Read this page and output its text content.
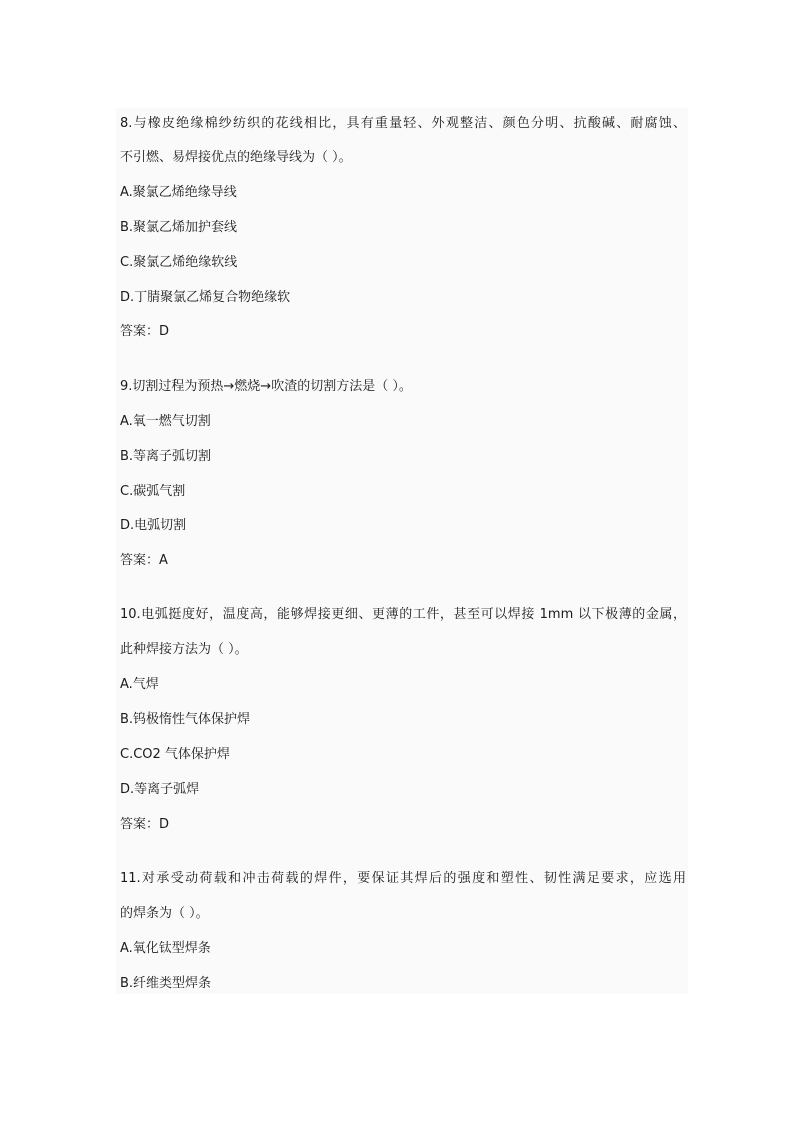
8.与橡皮绝缘棉纱纺织的花线相比，具有重量轻、外观整洁、颜色分明、抗酸碱、耐腐蚀、
不引燃、易焊接优点的绝缘导线为（ ）。
A.聚氯乙烯绝缘导线
B.聚氯乙烯加护套线
C.聚氯乙烯绝缘软线
D.丁腈聚氯乙烯复合物绝缘软
答案：D
9.切割过程为预热→燃烧→吹渣的切割方法是（ ）。
A.氧一燃气切割
B.等离子弧切割
C.碳弧气割
D.电弧切割
答案：A
10.电弧挺度好，温度高，能够焊接更细、更薄的工件，甚至可以焊接 1mm 以下极薄的金属，
此种焊接方法为（ ）。
A.气焊
B.钨极惰性气体保护焊
C.CO2 气体保护焊
D.等离子弧焊
答案：D
11.对承受动荷载和冲击荷载的焊件，要保证其焊后的强度和塑性、韧性满足要求，应选用
的焊条为（ ）。
A.氧化钛型焊条
B.纤维类型焊条
